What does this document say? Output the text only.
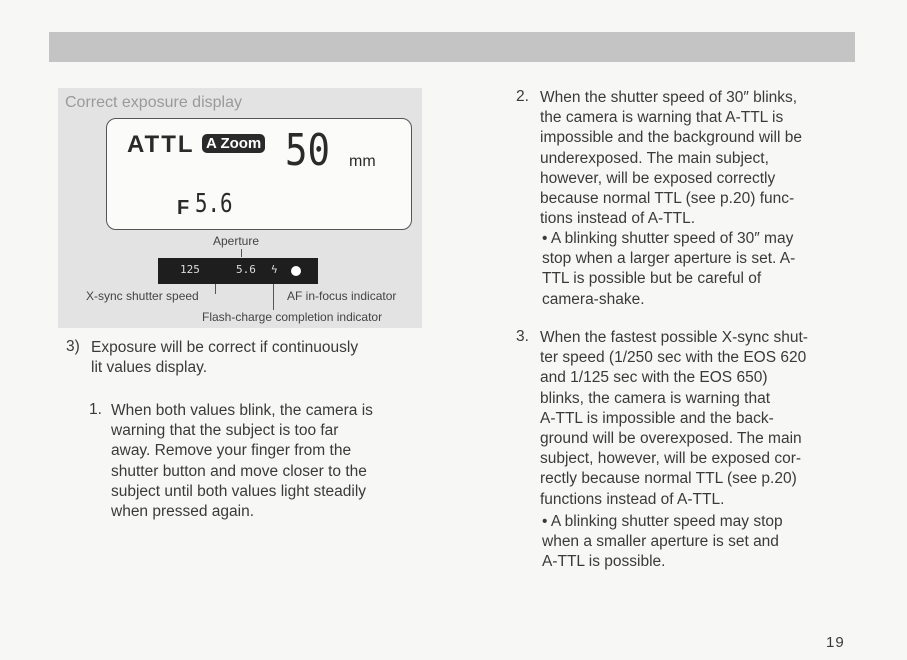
Correct exposure display
ATTL A Zoom 50 mm
F 5.6
Aperture
125	5.6 ϟ
X-sync shutter speed	AF in-focus indicator
Flash-charge completion indicator
3) Exposure will be correct if continuously
lit values display.
1. When both values blink, the camera is
warning that the subject is too far
away. Remove your finger from the
shutter button and move closer to the
subject until both values light steadily
when pressed again.
2. When the shutter speed of 30″ blinks,
the camera is warning that A-TTL is
impossible and the background will be
underexposed. The main subject,
however, will be exposed correctly
because normal TTL (see p.20) func-
tions instead of A-TTL.
• A blinking shutter speed of 30″ may
stop when a larger aperture is set. A-
TTL is possible but be careful of
camera-shake.
3. When the fastest possible X-sync shut-
ter speed (1/250 sec with the EOS 620
and 1/125 sec with the EOS 650)
blinks, the camera is warning that
A-TTL is impossible and the back-
ground will be overexposed. The main
subject, however, will be exposed cor-
rectly because normal TTL (see p.20)
functions instead of A-TTL.
• A blinking shutter speed may stop
when a smaller aperture is set and
A-TTL is possible.
19
